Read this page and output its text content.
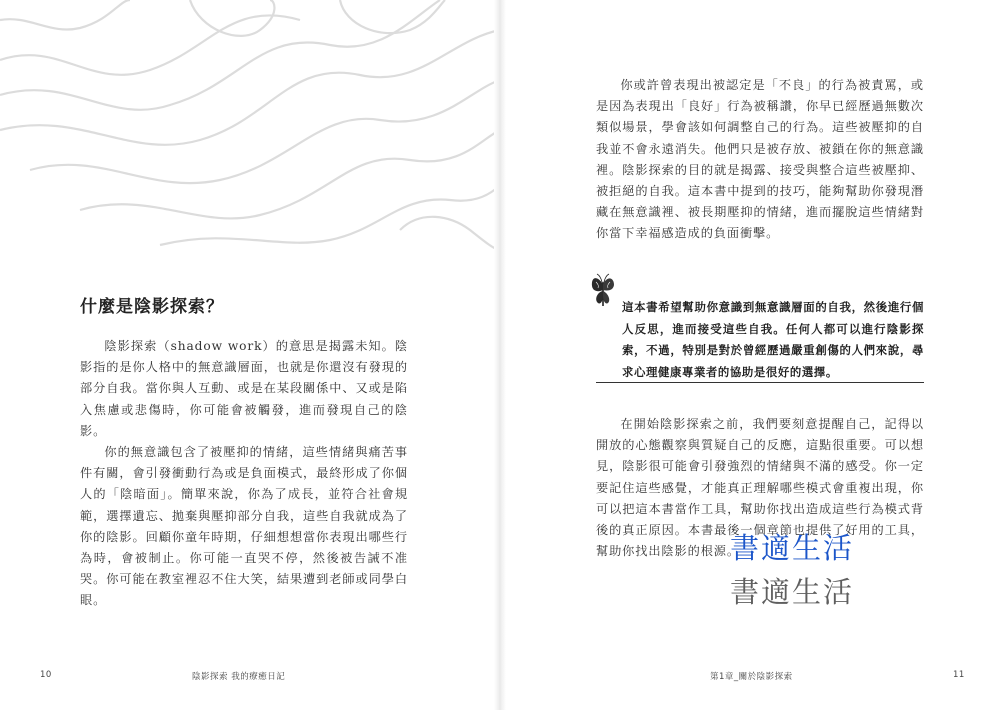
什麼是陰影探索？

陰影探索（shadow work）的意思是揭露未知。陰影指的是你人格中的無意識層面，也就是你還沒有發現的部分自我。當你與人互動、或是在某段關係中、又或是陷入焦慮或悲傷時，你可能會被觸發，進而發現自己的陰影。

你的無意識包含了被壓抑的情緒，這些情緒與痛苦事件有關，會引發衝動行為或是負面模式，最終形成了你個人的「陰暗面」。簡單來說，你為了成長，並符合社會規範，選擇遺忘、拋棄與壓抑部分自我，這些自我就成為了你的陰影。回顧你童年時期，仔細想想當你表現出哪些行為時，會被制止。你可能一直哭不停，然後被告誡不准哭。你可能在教室裡忍不住大笑，結果遭到老師或同學白眼。

10	陰影探索 我的療癒日記

你或許曾表現出被認定是「不良」的行為被責罵，或是因為表現出「良好」行為被稱讚，你早已經歷過無數次類似場景，學會該如何調整自己的行為。這些被壓抑的自我並不會永遠消失。他們只是被存放、被鎖在你的無意識裡。陰影探索的目的就是揭露、接受與整合這些被壓抑、被拒絕的自我。這本書中提到的技巧，能夠幫助你發現潛藏在無意識裡、被長期壓抑的情緒，進而擺脫這些情緒對你當下幸福感造成的負面衝擊。

這本書希望幫助你意識到無意識層面的自我，然後進行個人反思，進而接受這些自我。任何人都可以進行陰影探索，不過，特別是對於曾經歷過嚴重創傷的人們來說，尋求心理健康專業者的協助是很好的選擇。

在開始陰影探索之前，我們要刻意提醒自己，記得以開放的心態觀察與質疑自己的反應，這點很重要。可以想見，陰影很可能會引發強烈的情緒與不滿的感受。你一定要記住這些感覺，才能真正理解哪些模式會重複出現，你可以把這本書當作工具，幫助你找出造成這些行為模式背後的真正原因。本書最後一個章節也提供了好用的工具，幫助你找出陰影的根源。

書適生活
書適生活
第1章_關於陰影探索	11
